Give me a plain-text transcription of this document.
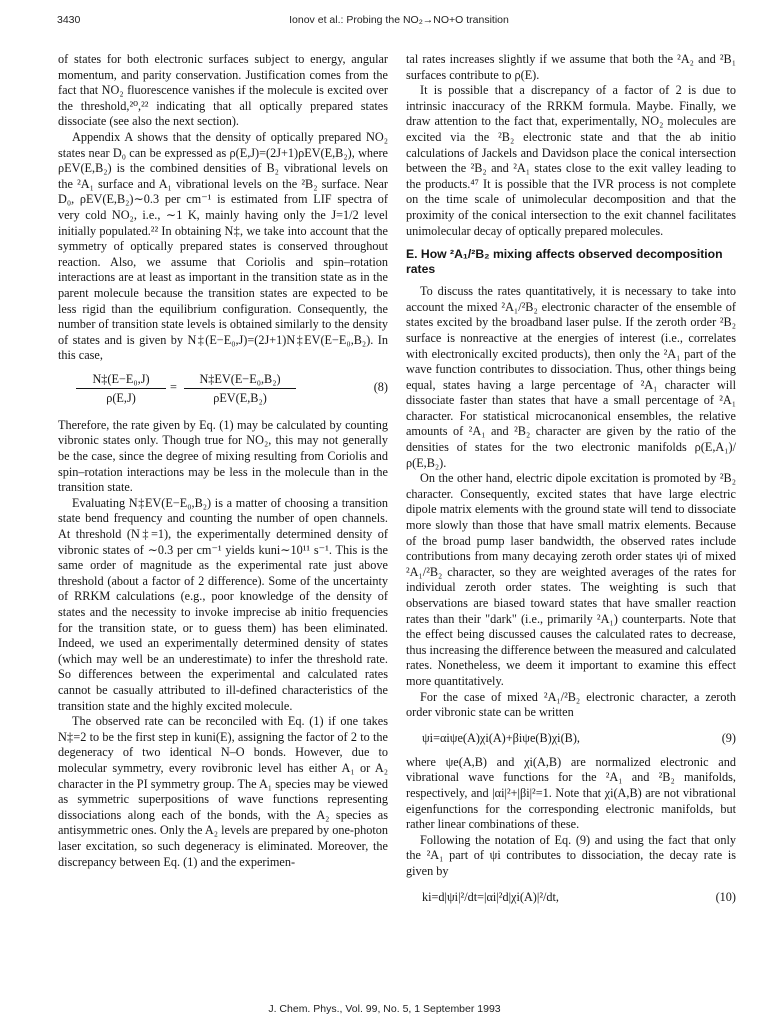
3430	Ionov et al.: Probing the NO₂→NO+O transition

of states for both electronic surfaces subject to energy, angular momentum, and parity conservation. Justification comes from the fact that NO₂ fluorescence vanishes if the molecule is excited over the threshold,²⁰,²² indicating that all optically prepared states dissociate (see also the next section).

Appendix A shows that the density of optically prepared NO₂ states near D₀ can be expressed as ρ(E,J)=(2J+1)ρEV(E,B₂), where ρEV(E,B₂) is the combined densities of B₂ vibrational levels on the ²A₁ surface and A₁ vibrational levels on the ²B₂ surface. Near D₀, ρEV(E,B₂)∼0.3 per cm⁻¹ is estimated from LIF spectra of very cold NO₂, i.e., ∼1 K, mainly having only the J=1/2 level initially populated.²² In obtaining N‡, we take into account that the symmetry of optically prepared states is conserved throughout reaction. Also, we assume that Coriolis and spin–rotation interactions are at least as important in the transition state as in the parent molecule because the transition states are expected to be less rigid than the equilibrium configuration. Consequently, the number of transition state levels is obtained similarly to the density of states and is given by N‡(E−E₀,J)=(2J+1)N‡EV(E−E₀,B₂). In this case,

$\frac{\text{N‡(E−E₀,J)}}{\rho(E,J)}$ =
N‡EV(E−E₀,B₂)
ρEV(E,B₂)
(8)

Therefore, the rate given by Eq. (1) may be calculated by counting vibronic states only. Though true for NO₂, this may not generally be the case, since the degree of mixing resulting from Coriolis and spin–rotation interactions may be less in the molecule than in the transition state.

Evaluating N‡EV(E−E₀,B₂) is a matter of choosing a transition state bend frequency and counting the number of open channels. At threshold (N‡=1), the experimentally determined density of vibronic states of ∼0.3 per cm⁻¹ yields kuni∼10¹¹ s⁻¹. This is the same order of magnitude as the experimental rate just above threshold (about a factor of 2 difference). Some of the uncertainty of RRKM calculations (e.g., poor knowledge of the density of states and the necessity to invoke imprecise ab initio frequencies for the transition state, or to guess them) has been eliminated. Indeed, we used an experimentally determined density of states (which may well be an underestimate) to infer the threshold rate. So differences between the experimental and calculated rates cannot be casually attributed to ill-defined characteristics of the transition state and the highly excited molecule.

The observed rate can be reconciled with Eq. (1) if one takes N‡=2 to be the first step in kuni(E), assigning the factor of 2 to the degeneracy of two identical N–O bonds. However, due to molecular symmetry, every rovibronic level has either A₁ or A₂ character in the PI symmetry group. The A₁ species may be viewed as symmetric superpositions of wave functions representing dissociations along each of the bonds, with the A₂ species as antisymmetric ones. Only the A₂ levels are prepared by one-photon laser excitation, so such degeneracy is eliminated. Moreover, the discrepancy between Eq. (1) and the experimen-

tal rates increases slightly if we assume that both the ²A₂ and ²B₁ surfaces contribute to ρ(E).

It is possible that a discrepancy of a factor of 2 is due to intrinsic inaccuracy of the RRKM formula. Maybe. Finally, we draw attention to the fact that, experimentally, NO₂ molecules are excited via the ²B₂ electronic state and that the ab initio calculations of Jackels and Davidson place the conical intersection between the ²B₂ and ²A₁ states close to the exit valley leading to the products.⁴⁷ It is possible that the IVR process is not complete on the time scale of unimolecular decomposition and that the proximity of the conical intersection to the exit channel facilitates unimolecular decay of optically prepared molecules.

E. How ²A₁/²B₂ mixing affects observed decomposition rates

To discuss the rates quantitatively, it is necessary to take into account the mixed ²A₁/²B₂ electronic character of the ensemble of states excited by the broadband laser pulse. If the zeroth order ²B₂ surface is nonreactive at the energies of interest (i.e., correlates with electronically excited products), then only the ²A₁ part of the wave function contributes to dissociation. Thus, other things being equal, states having a large percentage of ²A₁ character will dissociate faster than states that have a small percentage of ²A₁ character. For statistical microcanonical ensembles, the relative amounts of ²A₁ and ²B₂ character are given by the ratio of the densities of states for the two electronic manifolds ρ(E,A₁)/ρ(E,B₂).

On the other hand, electric dipole excitation is promoted by ²B₂ character. Consequently, excited states that have large electric dipole matrix elements with the ground state will tend to dissociate more slowly than those that have small matrix elements. Because of the broad pump laser bandwidth, the observed rates include contributions from many decaying zeroth order states ψi of mixed ²A₁/²B₂ character, so they are weighted averages of the rates for individual zeroth order states. The weighting is such that observations are biased toward states that have smaller reaction rates than their "dark" (i.e., primarily ²A₁) counterparts. Note that the effect being discussed causes the calculated rates to decrease, thus increasing the difference between the measured and calculated rates. Nonetheless, we deem it important to examine this effect more quantitatively.

For the case of mixed ²A₁/²B₂ electronic character, a zeroth order vibronic state can be written

ψi=αiψe(A)χi(A)+βiψe(B)χi(B),	(9)

where ψe(A,B) and χi(A,B) are normalized electronic and vibrational wave functions for the ²A₁ and ²B₂ manifolds, respectively, and |αi|²+|βi|²=1. Note that χi(A,B) are not vibrational eigenfunctions for the corresponding electronic manifolds, but rather linear combinations of these.

Following the notation of Eq. (9) and using the fact that only the ²A₁ part of ψi contributes to dissociation, the decay rate is given by

ki=d|ψi|²/dt=|αi|²d|χi(A)|²/dt,	(10)
J. Chem. Phys., Vol. 99, No. 5, 1 September 1993
